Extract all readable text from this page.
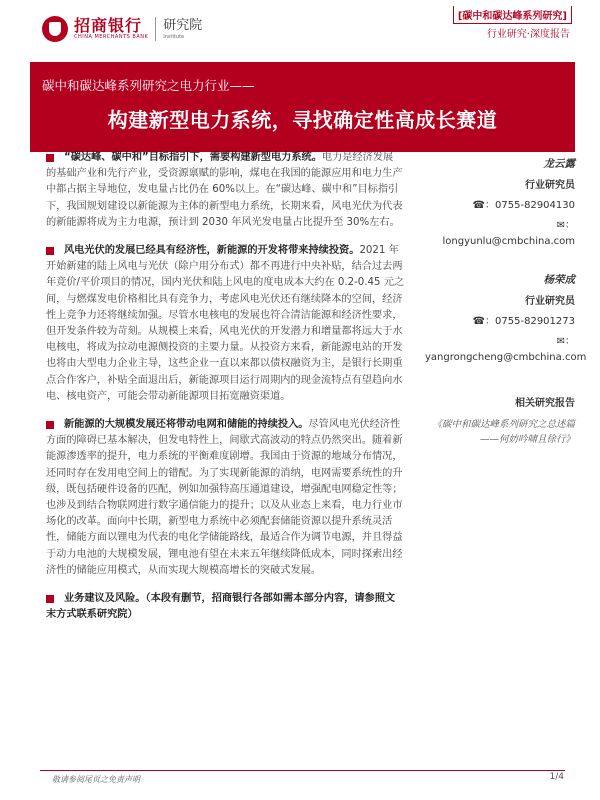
招商银行
CHINA MERCHANTS BANK
研究院
Institute
[碳中和碳达峰系列研究]
行业研究·深度报告
碳中和碳达峰系列研究之电力行业——
构建新型电力系统，寻找确定性高成长赛道
“碳达峰、碳中和”目标指引下，需要构建新型电力系统。电力是经济发展
的基础产业和先行产业，受资源禀赋的影响，煤电在我国的能源应用和电力生产
中都占据主导地位，发电量占比仍在 60%以上。在“碳达峰、碳中和”目标指引
下，我国规划建设以新能源为主体的新型电力系统，长期来看，风电光伏为代表
的新能源将成为主力电源，预计到 2030 年风光发电量占比提升至 30%左右。
风电光伏的发展已经具有经济性，新能源的开发将带来持续投资。2021 年
开始新建的陆上风电与光伏（除户用分布式）都不再进行中央补贴，结合过去两
年竞价/平价项目的情况，国内光伏和陆上风电的度电成本大约在 0.2-0.45 元之
间，与燃煤发电价格相比具有竞争力，考虑风电光伏还有继续降本的空间，经济
性上竞争力还将继续加强。尽管水电核电的发展也符合清洁能源和经济性要求，
但开发条件较为苛刻。从规模上来看，风电光伏的开发潜力和增量都将远大于水
电核电，将成为拉动电源侧投资的主要力量。从投资方来看，新能源电站的开发
也将由大型电力企业主导，这些企业一直以来都以债权融资为主，是银行长期重
点合作客户，补贴全面退出后，新能源项目运行周期内的现金流特点有望趋向水
电、核电资产，可能会带动新能源项目拓宽融资渠道。
新能源的大规模发展还将带动电网和储能的持续投入。尽管风电光伏经济性
方面的障碍已基本解决，但发电特性上，间歇式高波动的特点仍然突出。随着新
能源渗透率的提升，电力系统的平衡难度剧增。我国由于资源的地域分布情况，
还同时存在发用电空间上的错配。为了实现新能源的消纳，电网需要系统性的升
级，既包括硬件设备的匹配，例如加强特高压通道建设，增强配电网稳定性等；
也涉及到结合物联网进行数字通信能力的提升；以及从业态上来看，电力行业市
场化的改革。面向中长期，新型电力系统中必须配套储能资源以提升系统灵活
性，储能方面以锂电为代表的电化学储能路线，最适合作为调节电源，并且得益
于动力电池的大规模发展，锂电池有望在未来五年继续降低成本，同时探索出经
济性的储能应用模式，从而实现大规模高增长的突破式发展。
业务建议及风险。（本段有删节，招商银行各部如需本部分内容，请参照文
末方式联系研究院）
龙云露
行业研究员
☎：0755-82904130
✉：longyunlu@cmbchina.com
杨荣成
行业研究员
☎：0755-82901273
✉：
yangrongcheng@cmbchina.com
相关研究报告
《碳中和碳达峰系列研究之总述篇——何妨吟啸且徐行》
敬请参阅尾页之免责声明	1/4
